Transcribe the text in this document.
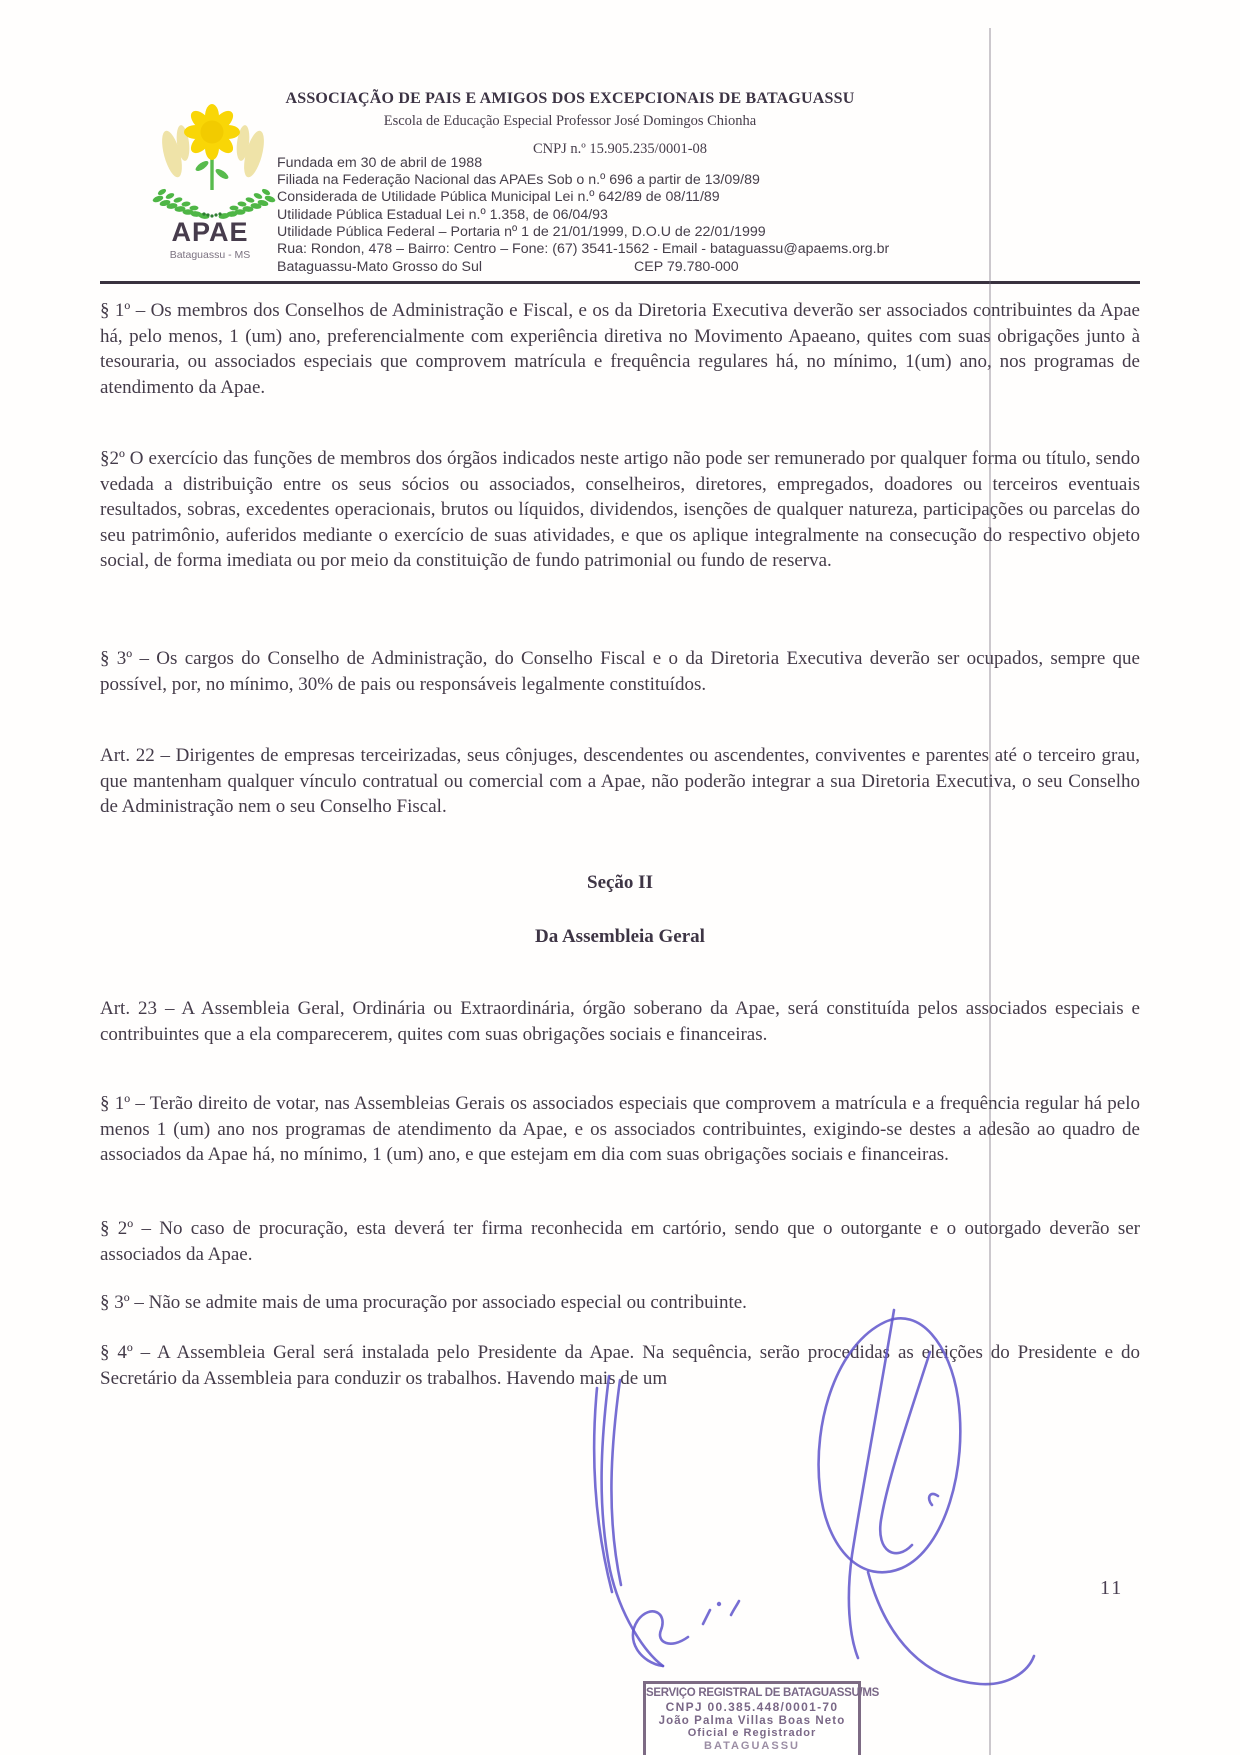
APAE
Bataguassu - MS
ASSOCIAÇÃO DE PAIS E AMIGOS DOS EXCEPCIONAIS DE BATAGUASSU
Escola de Educação Especial Professor José Domingos Chionha
CNPJ n.º 15.905.235/0001-08
Fundada em 30 de abril de 1988
Filiada na Federação Nacional das APAEs Sob o n.º 696 a partir de 13/09/89
Considerada de Utilidade Pública Municipal Lei n.º 642/89 de 08/11/89
Utilidade Pública Estadual Lei n.º 1.358, de 06/04/93
Utilidade Pública Federal – Portaria nº 1 de 21/01/1999, D.O.U de 22/01/1999
Rua: Rondon, 478 – Bairro: Centro – Fone: (67) 3541-1562 - Email - bataguassu@apaems.org.br
Bataguassu-Mato Grosso do Sul	CEP 79.780-000

§ 1º – Os membros dos Conselhos de Administração e Fiscal, e os da Diretoria Executiva deverão ser associados contribuintes da Apae há, pelo menos, 1 (um) ano, preferencialmente com experiência diretiva no Movimento Apaeano, quites com suas obrigações junto à tesouraria, ou associados especiais que comprovem matrícula e frequência regulares há, no mínimo, 1(um) ano, nos programas de atendimento da Apae.

§2º O exercício das funções de membros dos órgãos indicados neste artigo não pode ser remunerado por qualquer forma ou título, sendo vedada a distribuição entre os seus sócios ou associados, conselheiros, diretores, empregados, doadores ou terceiros eventuais resultados, sobras, excedentes operacionais, brutos ou líquidos, dividendos, isenções de qualquer natureza, participações ou parcelas do seu patrimônio, auferidos mediante o exercício de suas atividades, e que os aplique integralmente na consecução do respectivo objeto social, de forma imediata ou por meio da constituição de fundo patrimonial ou fundo de reserva.

§ 3º – Os cargos do Conselho de Administração, do Conselho Fiscal e o da Diretoria Executiva deverão ser ocupados, sempre que possível, por, no mínimo, 30% de pais ou responsáveis legalmente constituídos.

Art. 22 – Dirigentes de empresas terceirizadas, seus cônjuges, descendentes ou ascendentes, conviventes e parentes até o terceiro grau, que mantenham qualquer vínculo contratual ou comercial com a Apae, não poderão integrar a sua Diretoria Executiva, o seu Conselho de Administração nem o seu Conselho Fiscal.

Seção II
Da Assembleia Geral

Art. 23 – A Assembleia Geral, Ordinária ou Extraordinária, órgão soberano da Apae, será constituída pelos associados especiais e contribuintes que a ela comparecerem, quites com suas obrigações sociais e financeiras.

§ 1º – Terão direito de votar, nas Assembleias Gerais os associados especiais que comprovem a matrícula e a frequência regular há pelo menos 1 (um) ano nos programas de atendimento da Apae, e os associados contribuintes, exigindo-se destes a adesão ao quadro de associados da Apae há, no mínimo, 1 (um) ano, e que estejam em dia com suas obrigações sociais e financeiras.

§ 2º – No caso de procuração, esta deverá ter firma reconhecida em cartório, sendo que o outorgante e o outorgado deverão ser associados da Apae.

§ 3º – Não se admite mais de uma procuração por associado especial ou contribuinte.

§ 4º – A Assembleia Geral será instalada pelo Presidente da Apae. Na sequência, serão procedidas as eleições do Presidente e do Secretário da Assembleia para conduzir os trabalhos. Havendo mais de um

11
SERVIÇO REGISTRAL DE BATAGUASSU/MS
CNPJ 00.385.448/0001-70
João Palma Villas Boas Neto
Oficial e Registrador
BATAGUASSU
